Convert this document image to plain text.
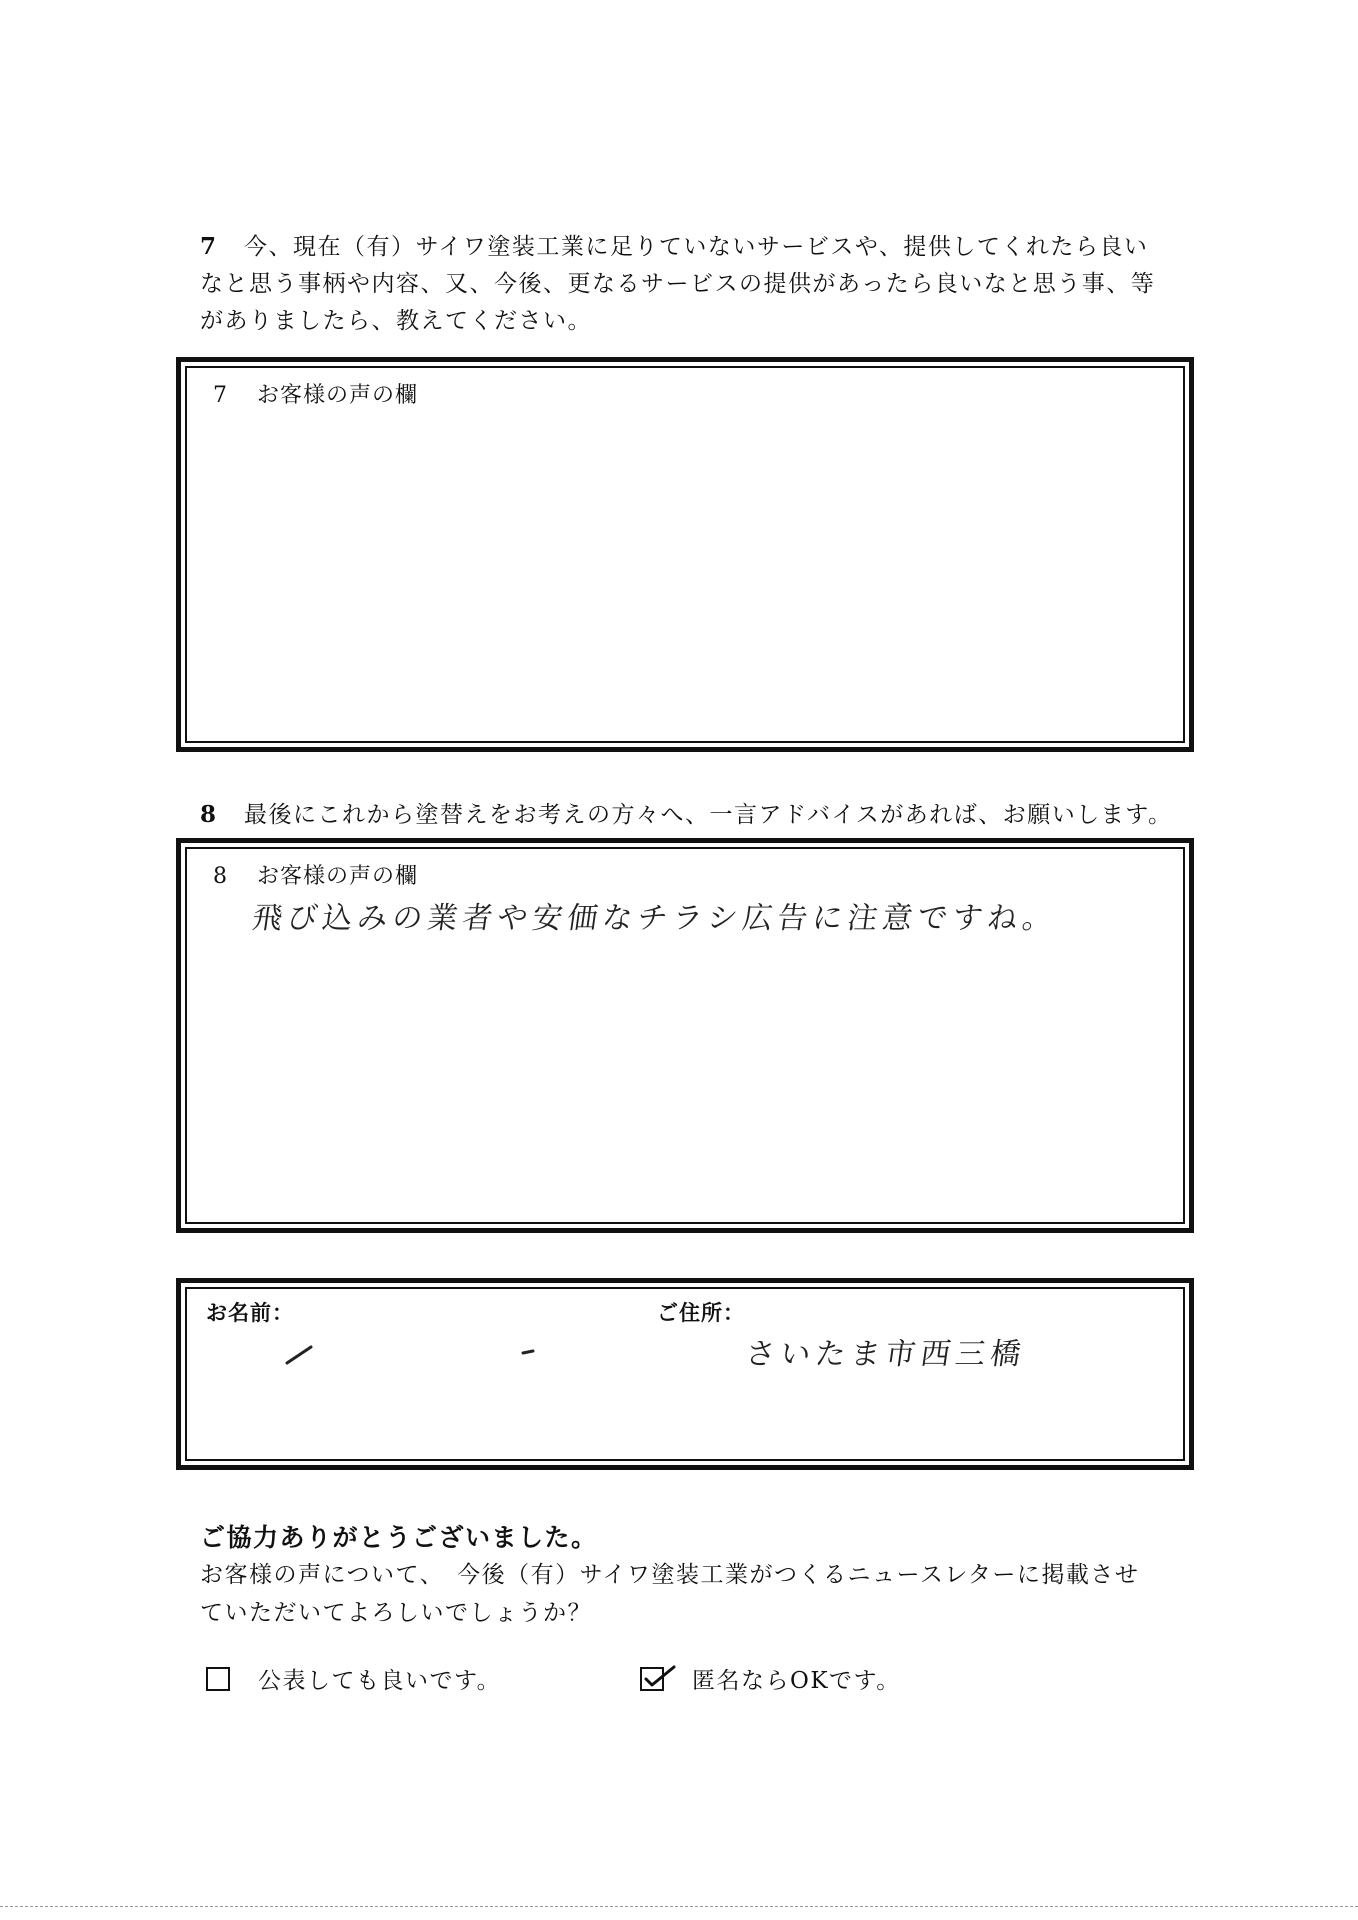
7 今、現在（有）サイワ塗装工業に足りていないサービスや、提供してくれたら良い
なと思う事柄や内容、又、今後、更なるサービスの提供があったら良いなと思う事、等
がありましたら、教えてください。
7 お客様の声の欄
8 最後にこれから塗替えをお考えの方々へ、一言アドバイスがあれば、お願いします。
8 お客様の声の欄
飛び込みの業者や安価なチラシ広告に注意ですね。
お名前：	ご住所：
さいたま市西三橋
ご協力ありがとうございました。
お客様の声について、　今後（有）サイワ塗装工業がつくるニュースレターに掲載させ
ていただいてよろしいでしょうか？
公表しても良いです。	匿名ならOKです。
